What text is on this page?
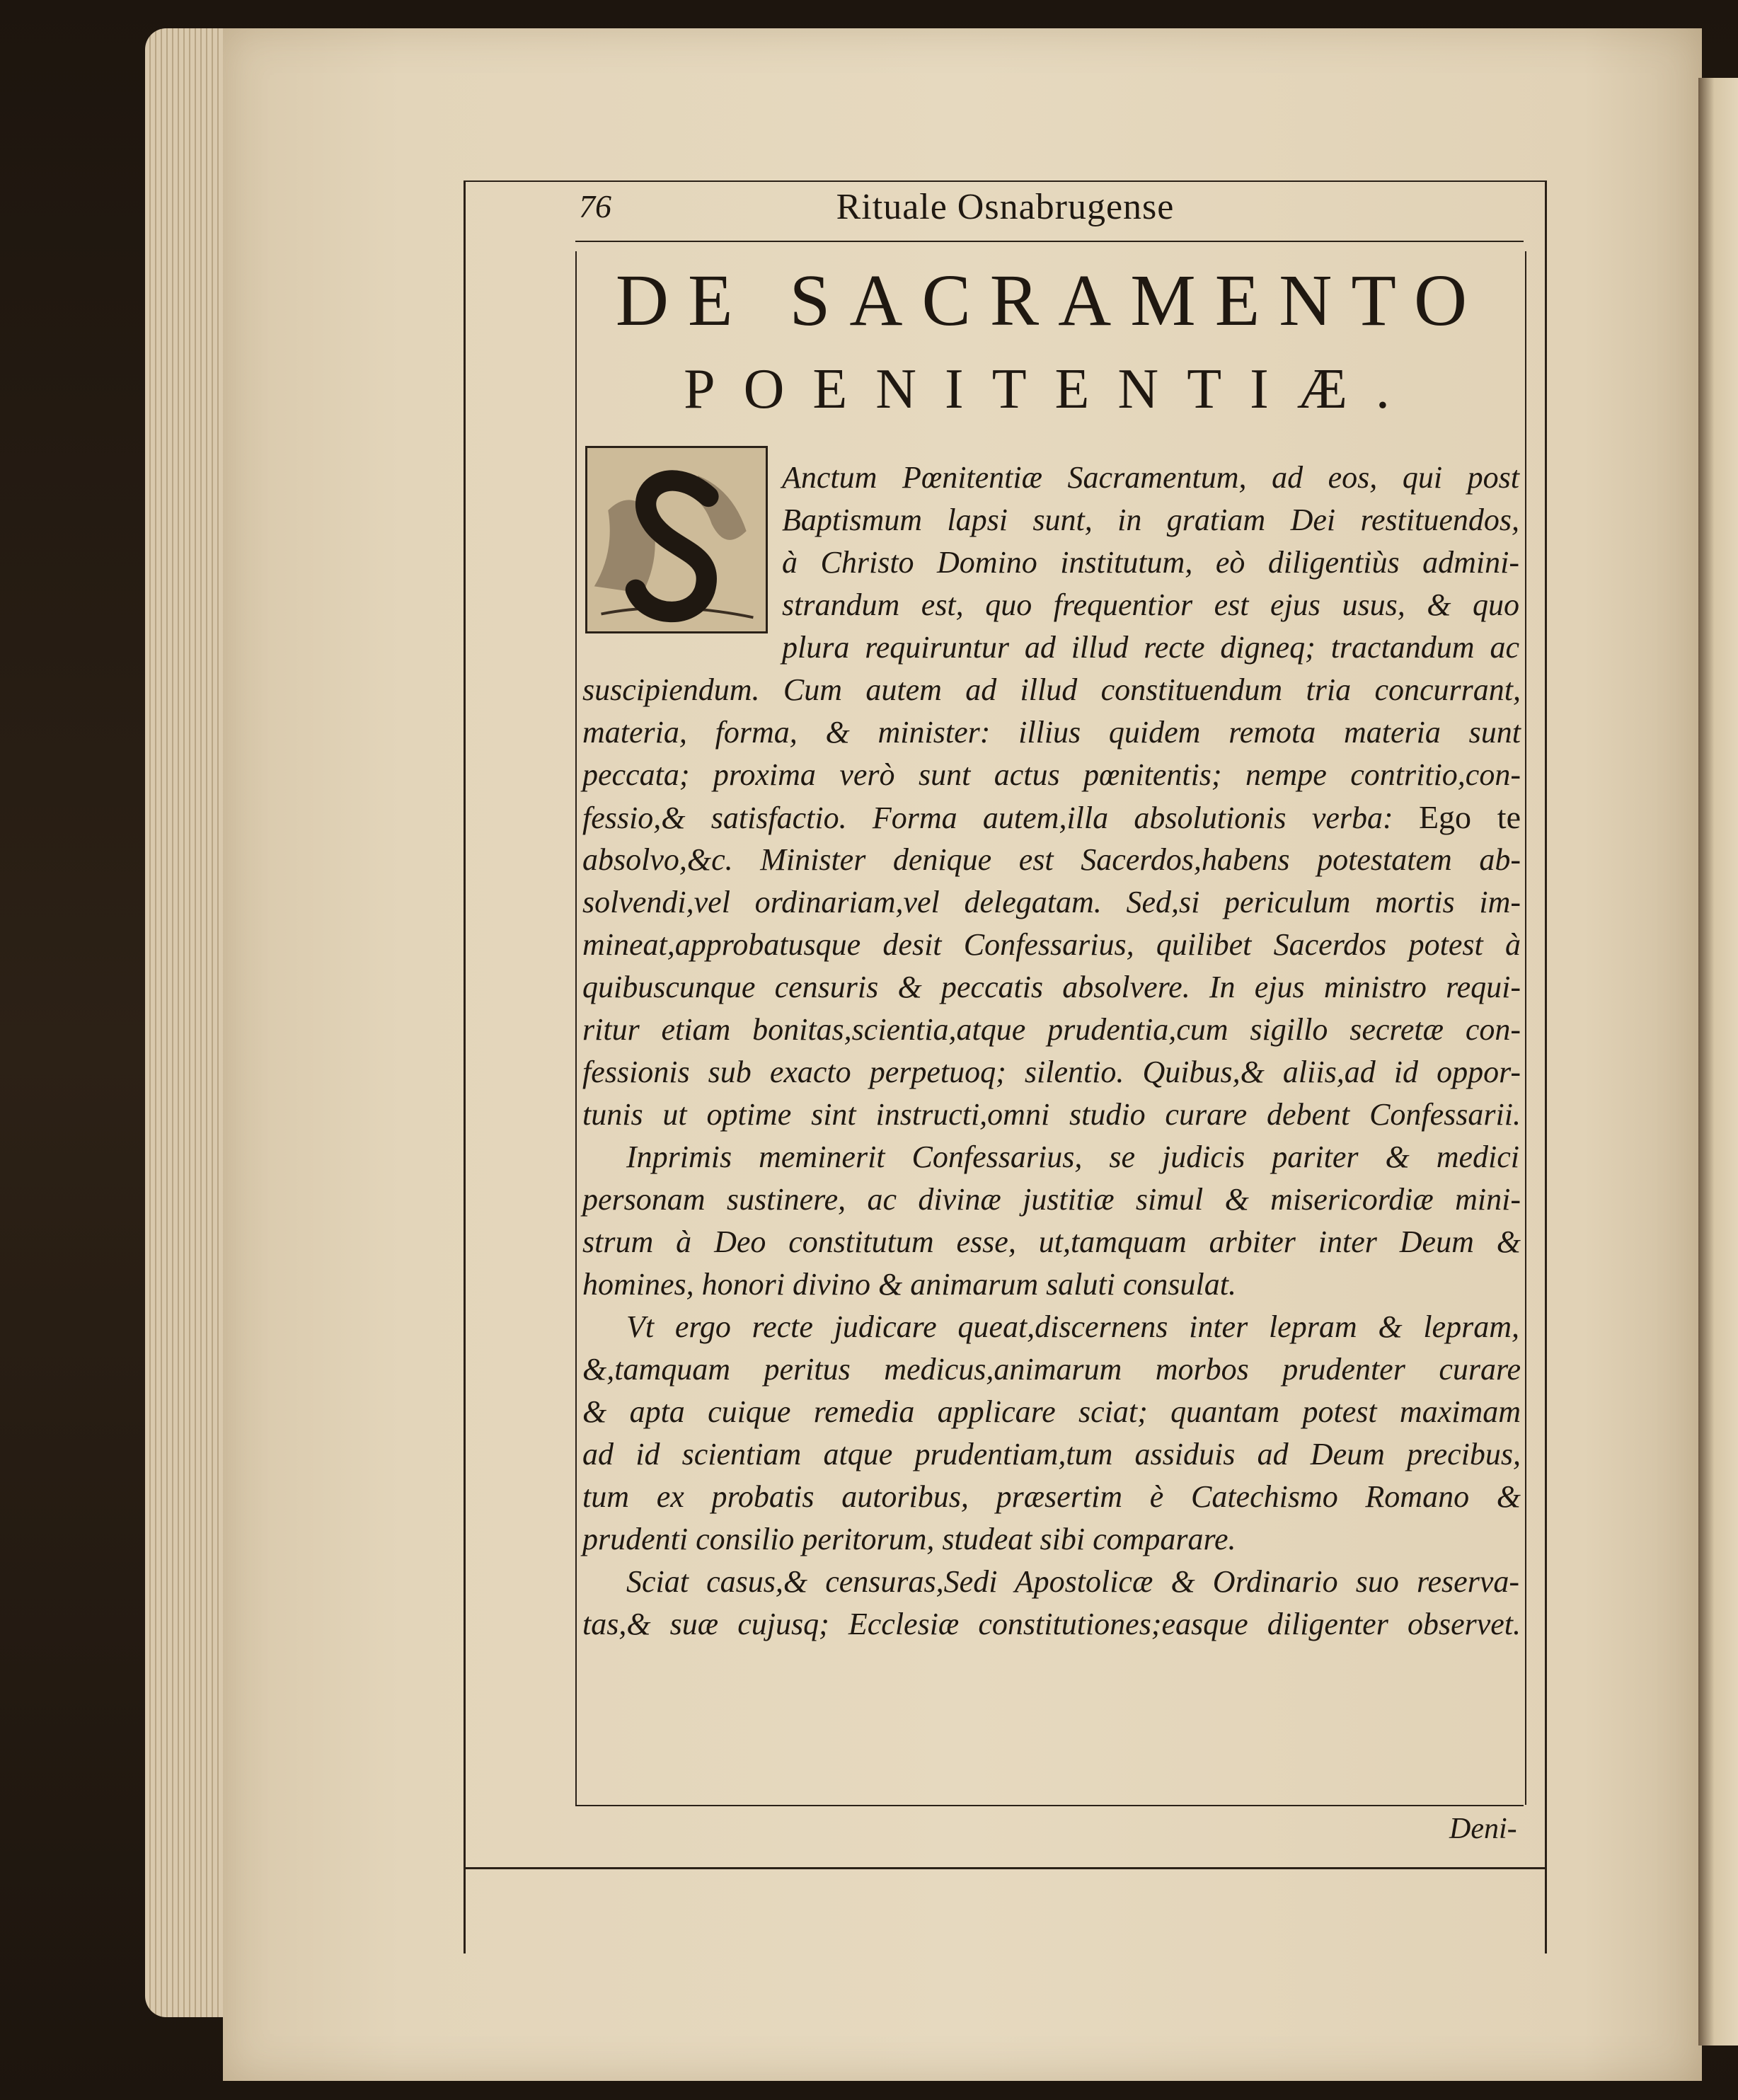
76	Rituale Osnabrugense
DE SACRAMENTO
POENITENTIÆ.
Anctum Pœnitentiæ Sacramentum, ad eos, qui post
Baptismum lapsi sunt, in gratiam Dei restituendos,
à Christo Domino institutum, eò diligentiùs admini-
strandum est, quo frequentior est ejus usus, & quo
plura requiruntur ad illud recte digneq; tractandum ac
suscipiendum. Cum autem ad illud constituendum tria concurrant,
materia, forma, & minister: illius quidem remota materia sunt
peccata; proxima verò sunt actus pœnitentis; nempe contritio,con-
fessio,& satisfactio. Forma autem,illa absolutionis verba: Ego te
absolvo,&c. Minister denique est Sacerdos,habens potestatem ab-
solvendi,vel ordinariam,vel delegatam. Sed,si periculum mortis im-
mineat,approbatusque desit Confessarius, quilibet Sacerdos potest à
quibuscunque censuris & peccatis absolvere. In ejus ministro requi-
ritur etiam bonitas,scientia,atque prudentia,cum sigillo secretæ con-
fessionis sub exacto perpetuoq; silentio. Quibus,& aliis,ad id oppor-
tunis ut optime sint instructi,omni studio curare debent Confessarii.
Inprimis meminerit Confessarius, se judicis pariter & medici
personam sustinere, ac divinæ justitiæ simul & misericordiæ mini-
strum à Deo constitutum esse, ut,tamquam arbiter inter Deum &
homines, honori divino & animarum saluti consulat.
Vt ergo recte judicare queat,discernens inter lepram & lepram,
&,tamquam peritus medicus,animarum morbos prudenter curare
& apta cuique remedia applicare sciat; quantam potest maximam
ad id scientiam atque prudentiam,tum assiduis ad Deum precibus,
tum ex probatis autoribus, præsertim è Catechismo Romano &
prudenti consilio peritorum, studeat sibi comparare.
Sciat casus,& censuras,Sedi Apostolicæ & Ordinario suo reserva-
tas,& suæ cujusq; Ecclesiæ constitutiones;easque diligenter observet.
Deni-
